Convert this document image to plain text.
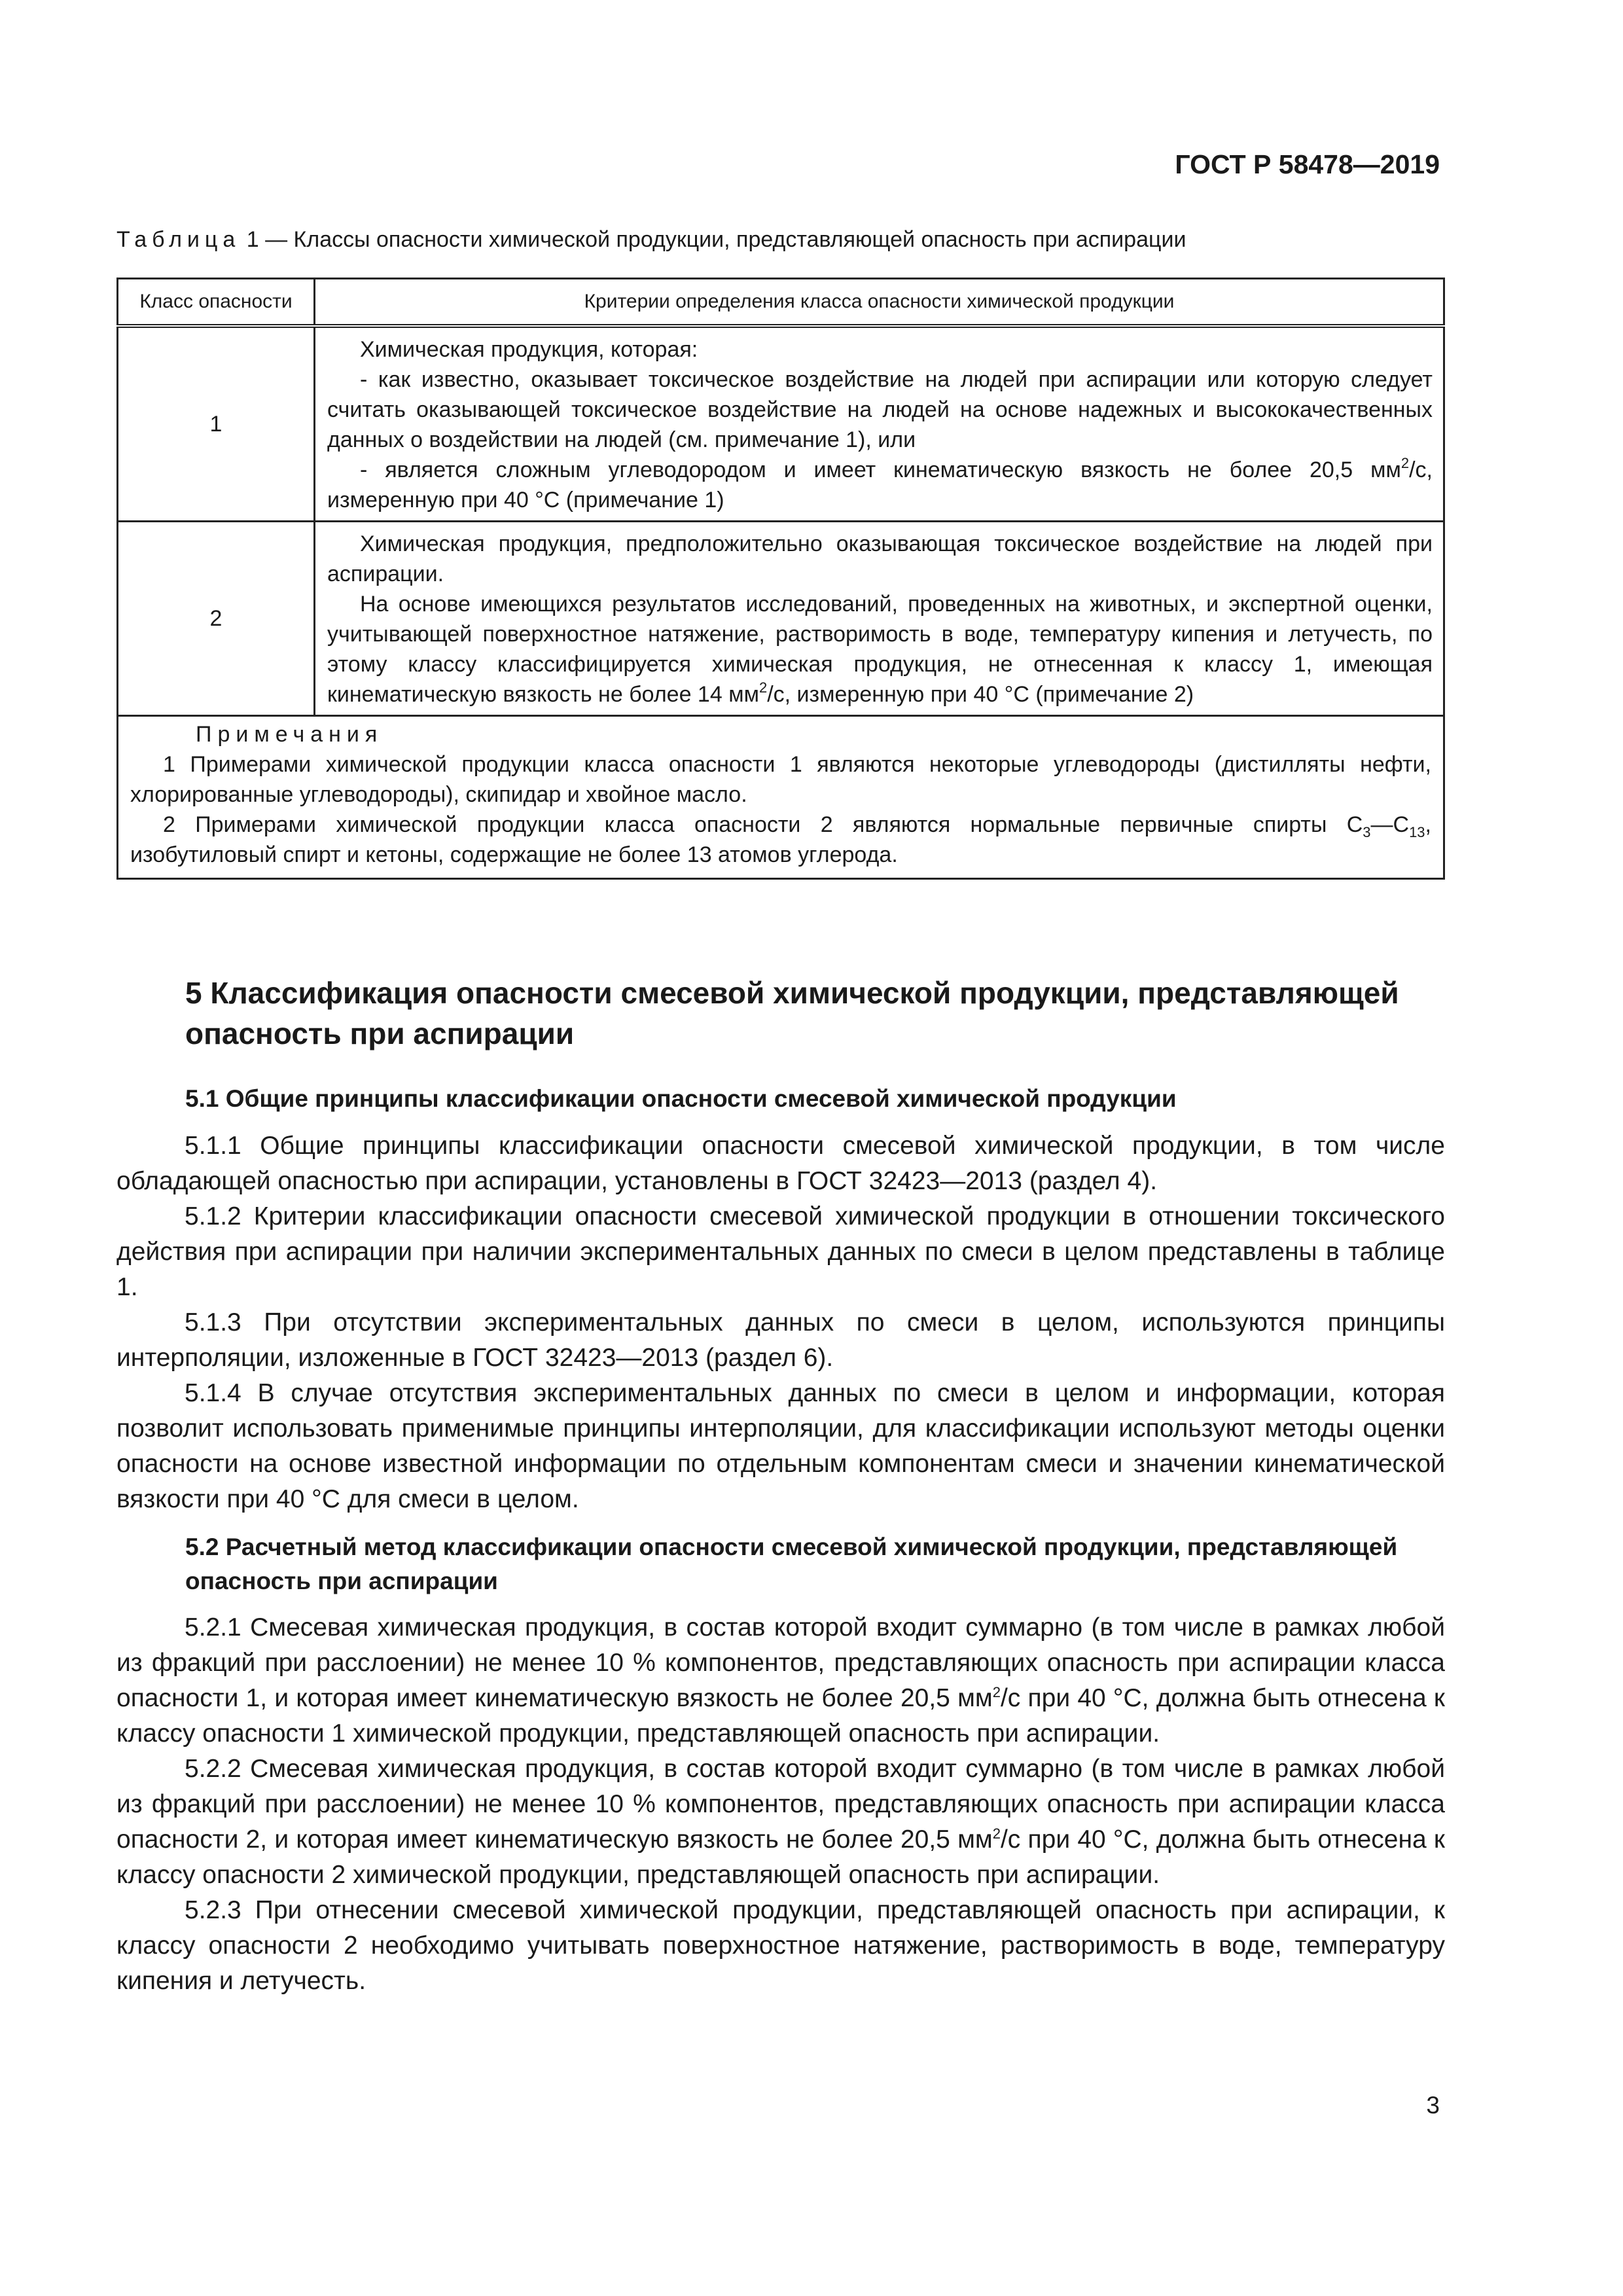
ГОСТ Р 58478—2019
Таблица 1 — Классы опасности химической продукции, представляющей опасность при аспирации
Класс опасности	Критерии определения класса опасности химической продукции
1	Химическая продукция, которая:
- как известно, оказывает токсическое воздействие на людей при аспирации или которую следует считать оказывающей токсическое воздействие на людей на основе надежных и высококачественных данных о воздействии на людей (см. примечание 1), или
- является сложным углеводородом и имеет кинематическую вязкость не более 20,5 $мм^2/с$, измеренную при 40 °С (примечание 1)

2	Химическая продукция, предположительно оказывающая токсическое воздействие на людей при аспирации.
На основе имеющихся результатов исследований, проведенных на животных, и экспертной оценки, учитывающей поверхностное натяжение, растворимость в воде, температуру кипения и летучесть, по этому классу классифицируется химическая продукция, не отнесенная к классу 1, имеющая кинематическую вязкость не более 14 $мм^2/с$, измеренную при 40 °С (примечание 2)

Примечания
1 Примерами химической продукции класса опасности 1 являются некоторые углеводороды (дистилляты нефти, хлорированные углеводороды), скипидар и хвойное масло.
2 Примерами химической продукции класса опасности 2 являются нормальные первичные спирты $С_3—С_{13}$, изобутиловый спирт и кетоны, содержащие не более 13 атомов углерода.	
5 Классификация опасности смесевой химической продукции, представляющей опасность при аспирации
5.1 Общие принципы классификации опасности смесевой химической продукции

5.1.1 Общие принципы классификации опасности смесевой химической продукции, в том числе обладающей опасностью при аспирации, установлены в ГОСТ 32423—2013 (раздел 4).

5.1.2 Критерии классификации опасности смесевой химической продукции в отношении токсического действия при аспирации при наличии экспериментальных данных по смеси в целом представлены в таблице 1.

5.1.3 При отсутствии экспериментальных данных по смеси в целом, используются принципы интерполяции, изложенные в ГОСТ 32423—2013 (раздел 6).

5.1.4 В случае отсутствия экспериментальных данных по смеси в целом и информации, которая позволит использовать применимые принципы интерполяции, для классификации используют методы оценки опасности на основе известной информации по отдельным компонентам смеси и значении кинематической вязкости при 40 °С для смеси в целом.

5.2 Расчетный метод классификации опасности смесевой химической продукции, представляющей опасность при аспирации

5.2.1 Смесевая химическая продукция, в состав которой входит суммарно (в том числе в рамках любой из фракций при расслоении) не менее 10 % компонентов, представляющих опасность при аспирации класса опасности 1, и которая имеет кинематическую вязкость не более 20,5 $мм^2/с$ при 40 °С, должна быть отнесена к классу опасности 1 химической продукции, представляющей опасность при аспирации.

5.2.2 Смесевая химическая продукция, в состав которой входит суммарно (в том числе в рамках любой из фракций при расслоении) не менее 10 % компонентов, представляющих опасность при аспирации класса опасности 2, и которая имеет кинематическую вязкость не более 20,5 $мм^2/с$ при 40 °С, должна быть отнесена к классу опасности 2 химической продукции, представляющей опасность при аспирации.

5.2.3 При отнесении смесевой химической продукции, представляющей опасность при аспирации, к классу опасности 2 необходимо учитывать поверхностное натяжение, растворимость в воде, температуру кипения и летучесть.

3
